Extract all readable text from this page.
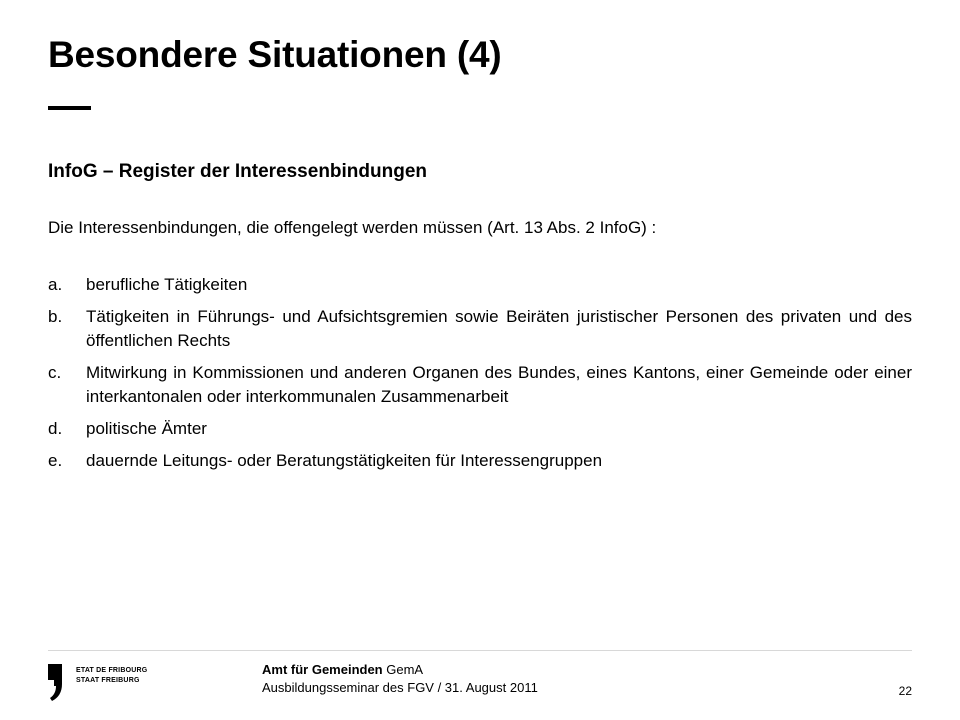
Besondere Situationen (4)
InfoG – Register der Interessenbindungen
Die Interessenbindungen, die offengelegt werden müssen (Art. 13 Abs. 2 InfoG) :
a.	berufliche Tätigkeiten
b.	Tätigkeiten in Führungs- und Aufsichtsgremien sowie Beiräten juristischer Personen des privaten und des öffentlichen Rechts
c.	Mitwirkung in Kommissionen und anderen Organen des Bundes, eines Kantons, einer Gemeinde oder einer interkantonalen oder interkommunalen Zusammenarbeit
d.	politische Ämter
e.	dauernde Leitungs- oder Beratungstätigkeiten für Interessengruppen
ETAT DE FRIBOURG
STAAT FREIBURG
Amt für Gemeinden GemA
Ausbildungsseminar des FGV / 31. August 2011	22
